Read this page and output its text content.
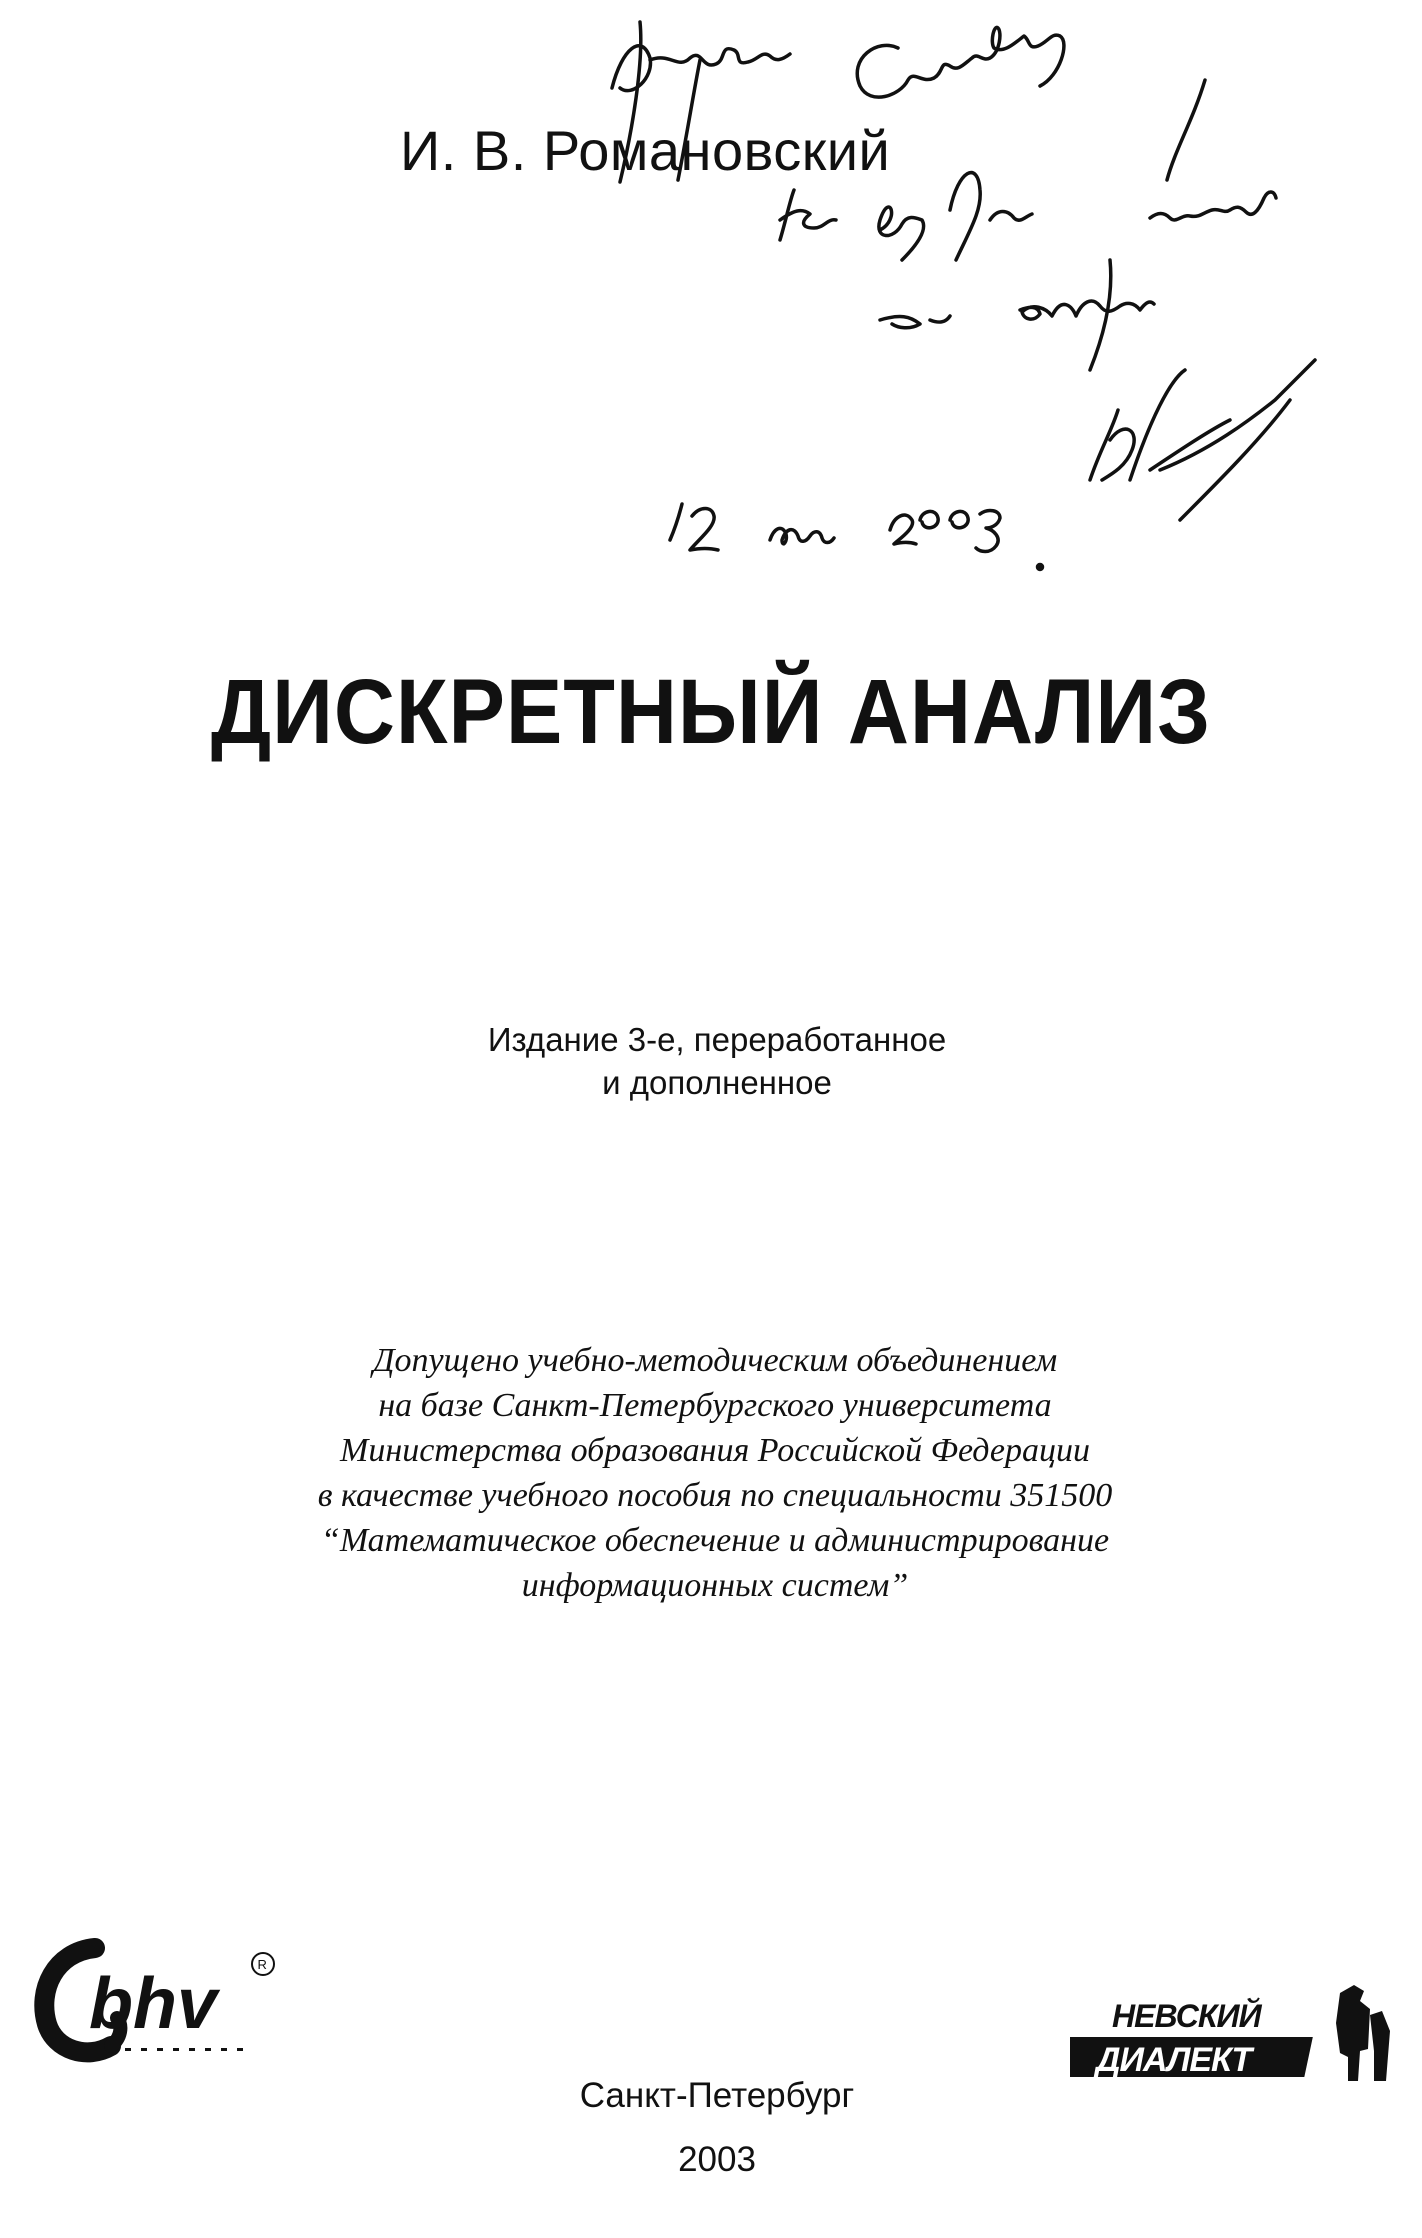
И. В. Романовский
ДИСКРЕТНЫЙ АНАЛИЗ
Издание 3-е, переработанное
и дополненное
Допущено учебно-методическим объединением
на базе Санкт-Петербургского университета
Министерства образования Российской Федерации
в качестве учебного пособия по специальности 351500
“Математическое обеспечение и администрирование
информационных систем”
bhv	R
НЕВСКИЙ
ДИАЛЕКТ
Санкт-Петербург
2003
